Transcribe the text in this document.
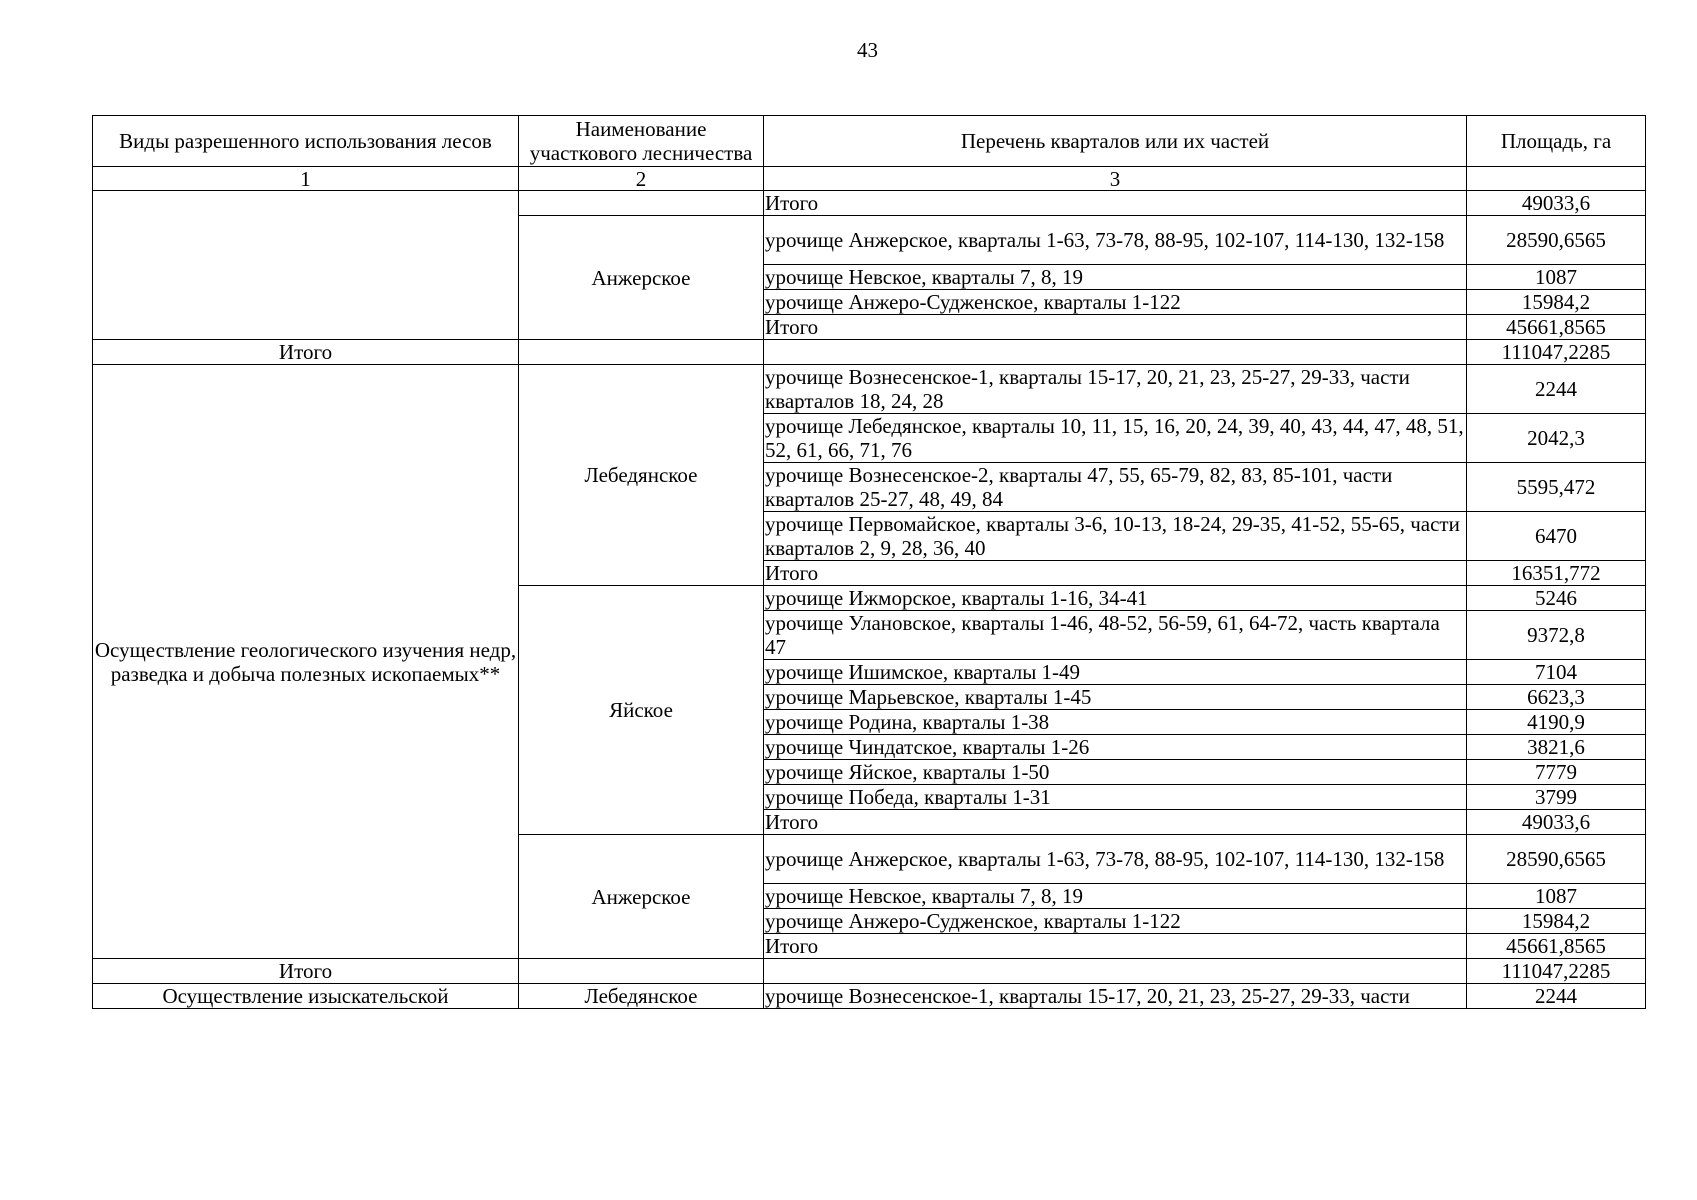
43
Виды разрешенного использования лесов	Наименование участкового лесничества	Перечень кварталов или их частей	Площадь, га
1	2	3	
		Итого	49033,6
	Анжерское	урочище Анжерское, кварталы 1-63, 73-78, 88-95, 102-107, 114-130, 132-158	28590,6565
		урочище Невское, кварталы 7, 8, 19	1087
		урочище Анжеро-Судженское, кварталы 1-122	15984,2
		Итого	45661,8565
Итого			111047,2285
Осуществление геологического изучения недр, разведка и добыча полезных ископаемых**	Лебедянское	урочище Вознесенское-1, кварталы 15-17, 20, 21, 23, 25-27, 29-33, части кварталов 18, 24, 28	2244
		урочище Лебедянское, кварталы 10, 11, 15, 16, 20, 24, 39, 40, 43, 44, 47, 48, 51, 52, 61, 66, 71, 76	2042,3
		урочище Вознесенское-2, кварталы 47, 55, 65-79, 82, 83, 85-101, части кварталов 25-27, 48, 49, 84	5595,472
		урочище Первомайское, кварталы 3-6, 10-13, 18-24, 29-35, 41-52, 55-65, части кварталов 2, 9, 28, 36, 40	6470
		Итого	16351,772
	Яйское	урочище Ижморское, кварталы 1-16, 34-41	5246
		урочище Улановское, кварталы 1-46, 48-52, 56-59, 61, 64-72, часть квартала 47	9372,8
		урочище Ишимское, кварталы 1-49	7104
		урочище Марьевское, кварталы 1-45	6623,3
		урочище Родина, кварталы 1-38	4190,9
		урочище Чиндатское, кварталы 1-26	3821,6
		урочище Яйское, кварталы 1-50	7779
		урочище Победа, кварталы 1-31	3799
		Итого	49033,6
	Анжерское	урочище Анжерское, кварталы 1-63, 73-78, 88-95, 102-107, 114-130, 132-158	28590,6565
		урочище Невское, кварталы 7, 8, 19	1087
		урочище Анжеро-Судженское, кварталы 1-122	15984,2
		Итого	45661,8565
Итого			111047,2285
Осуществление изыскательской	Лебедянское	урочище Вознесенское-1, кварталы 15-17, 20, 21, 23, 25-27, 29-33, части	2244
